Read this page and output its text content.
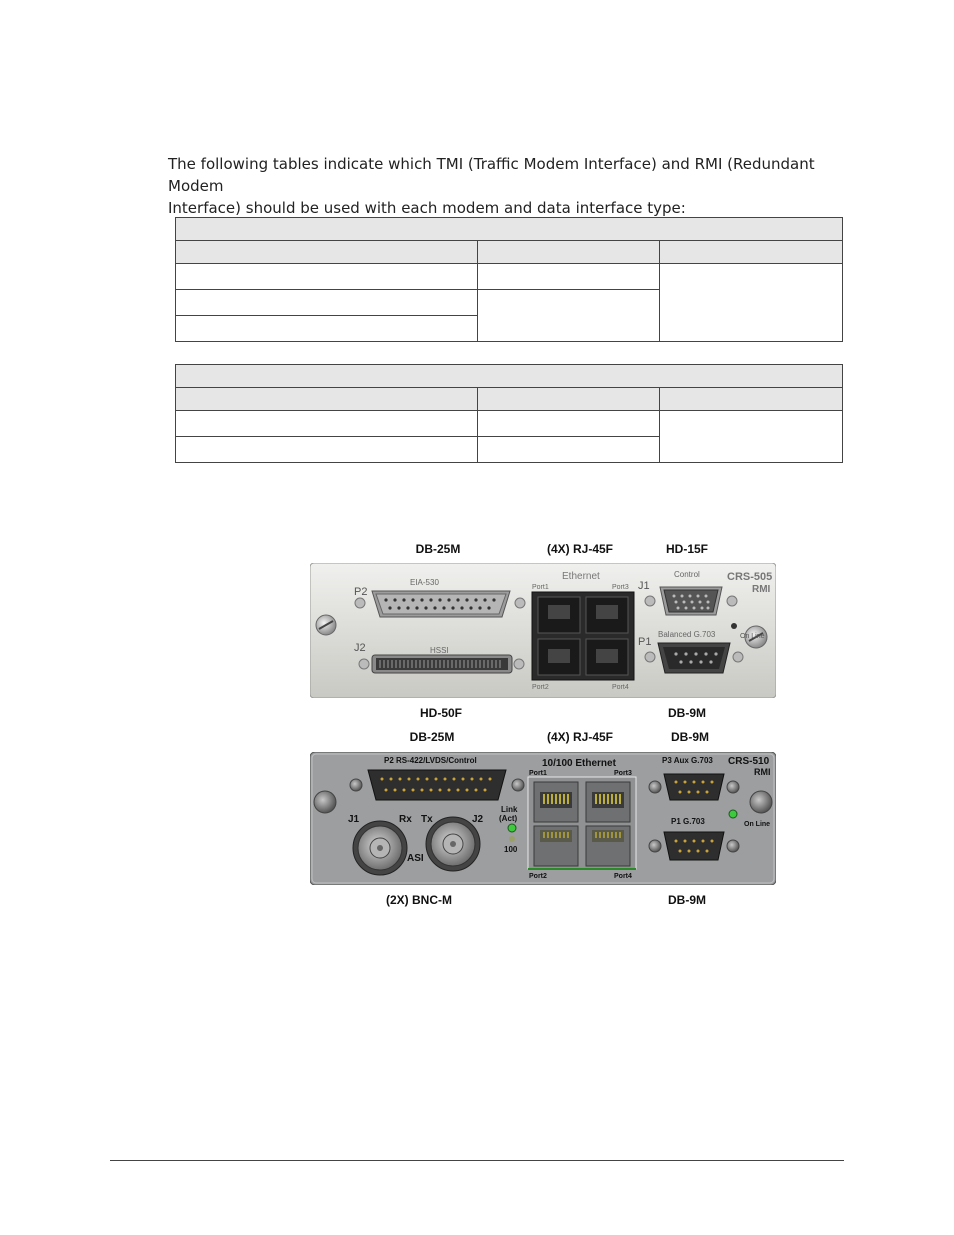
The following tables indicate which TMI (Traffic Modem Interface) and RMI (Redundant Modem
Interface) should be used with each modem and data interface type:

DB-25M	(4X) RJ-45F	HD-15F
P2
EIA-530
J2	HSSI
Ethernet
Port1	Port3
Port2	Port4
J1
Control
P1
Balanced G.703
CRS-505
RMI
On Line
HD-50F	DB-9M
DB-25M	(4X) RJ-45F	DB-9M
P2 RS-422/LVDS/Control
J1	Rx Tx	J2
ASI
Link
(Act)
100
10/100 Ethernet
Port1	Port3
Port2	Port4
P3 Aux G.703
P1 G.703
CRS-510
RMI
On Line
(2X) BNC-M	DB-9M
